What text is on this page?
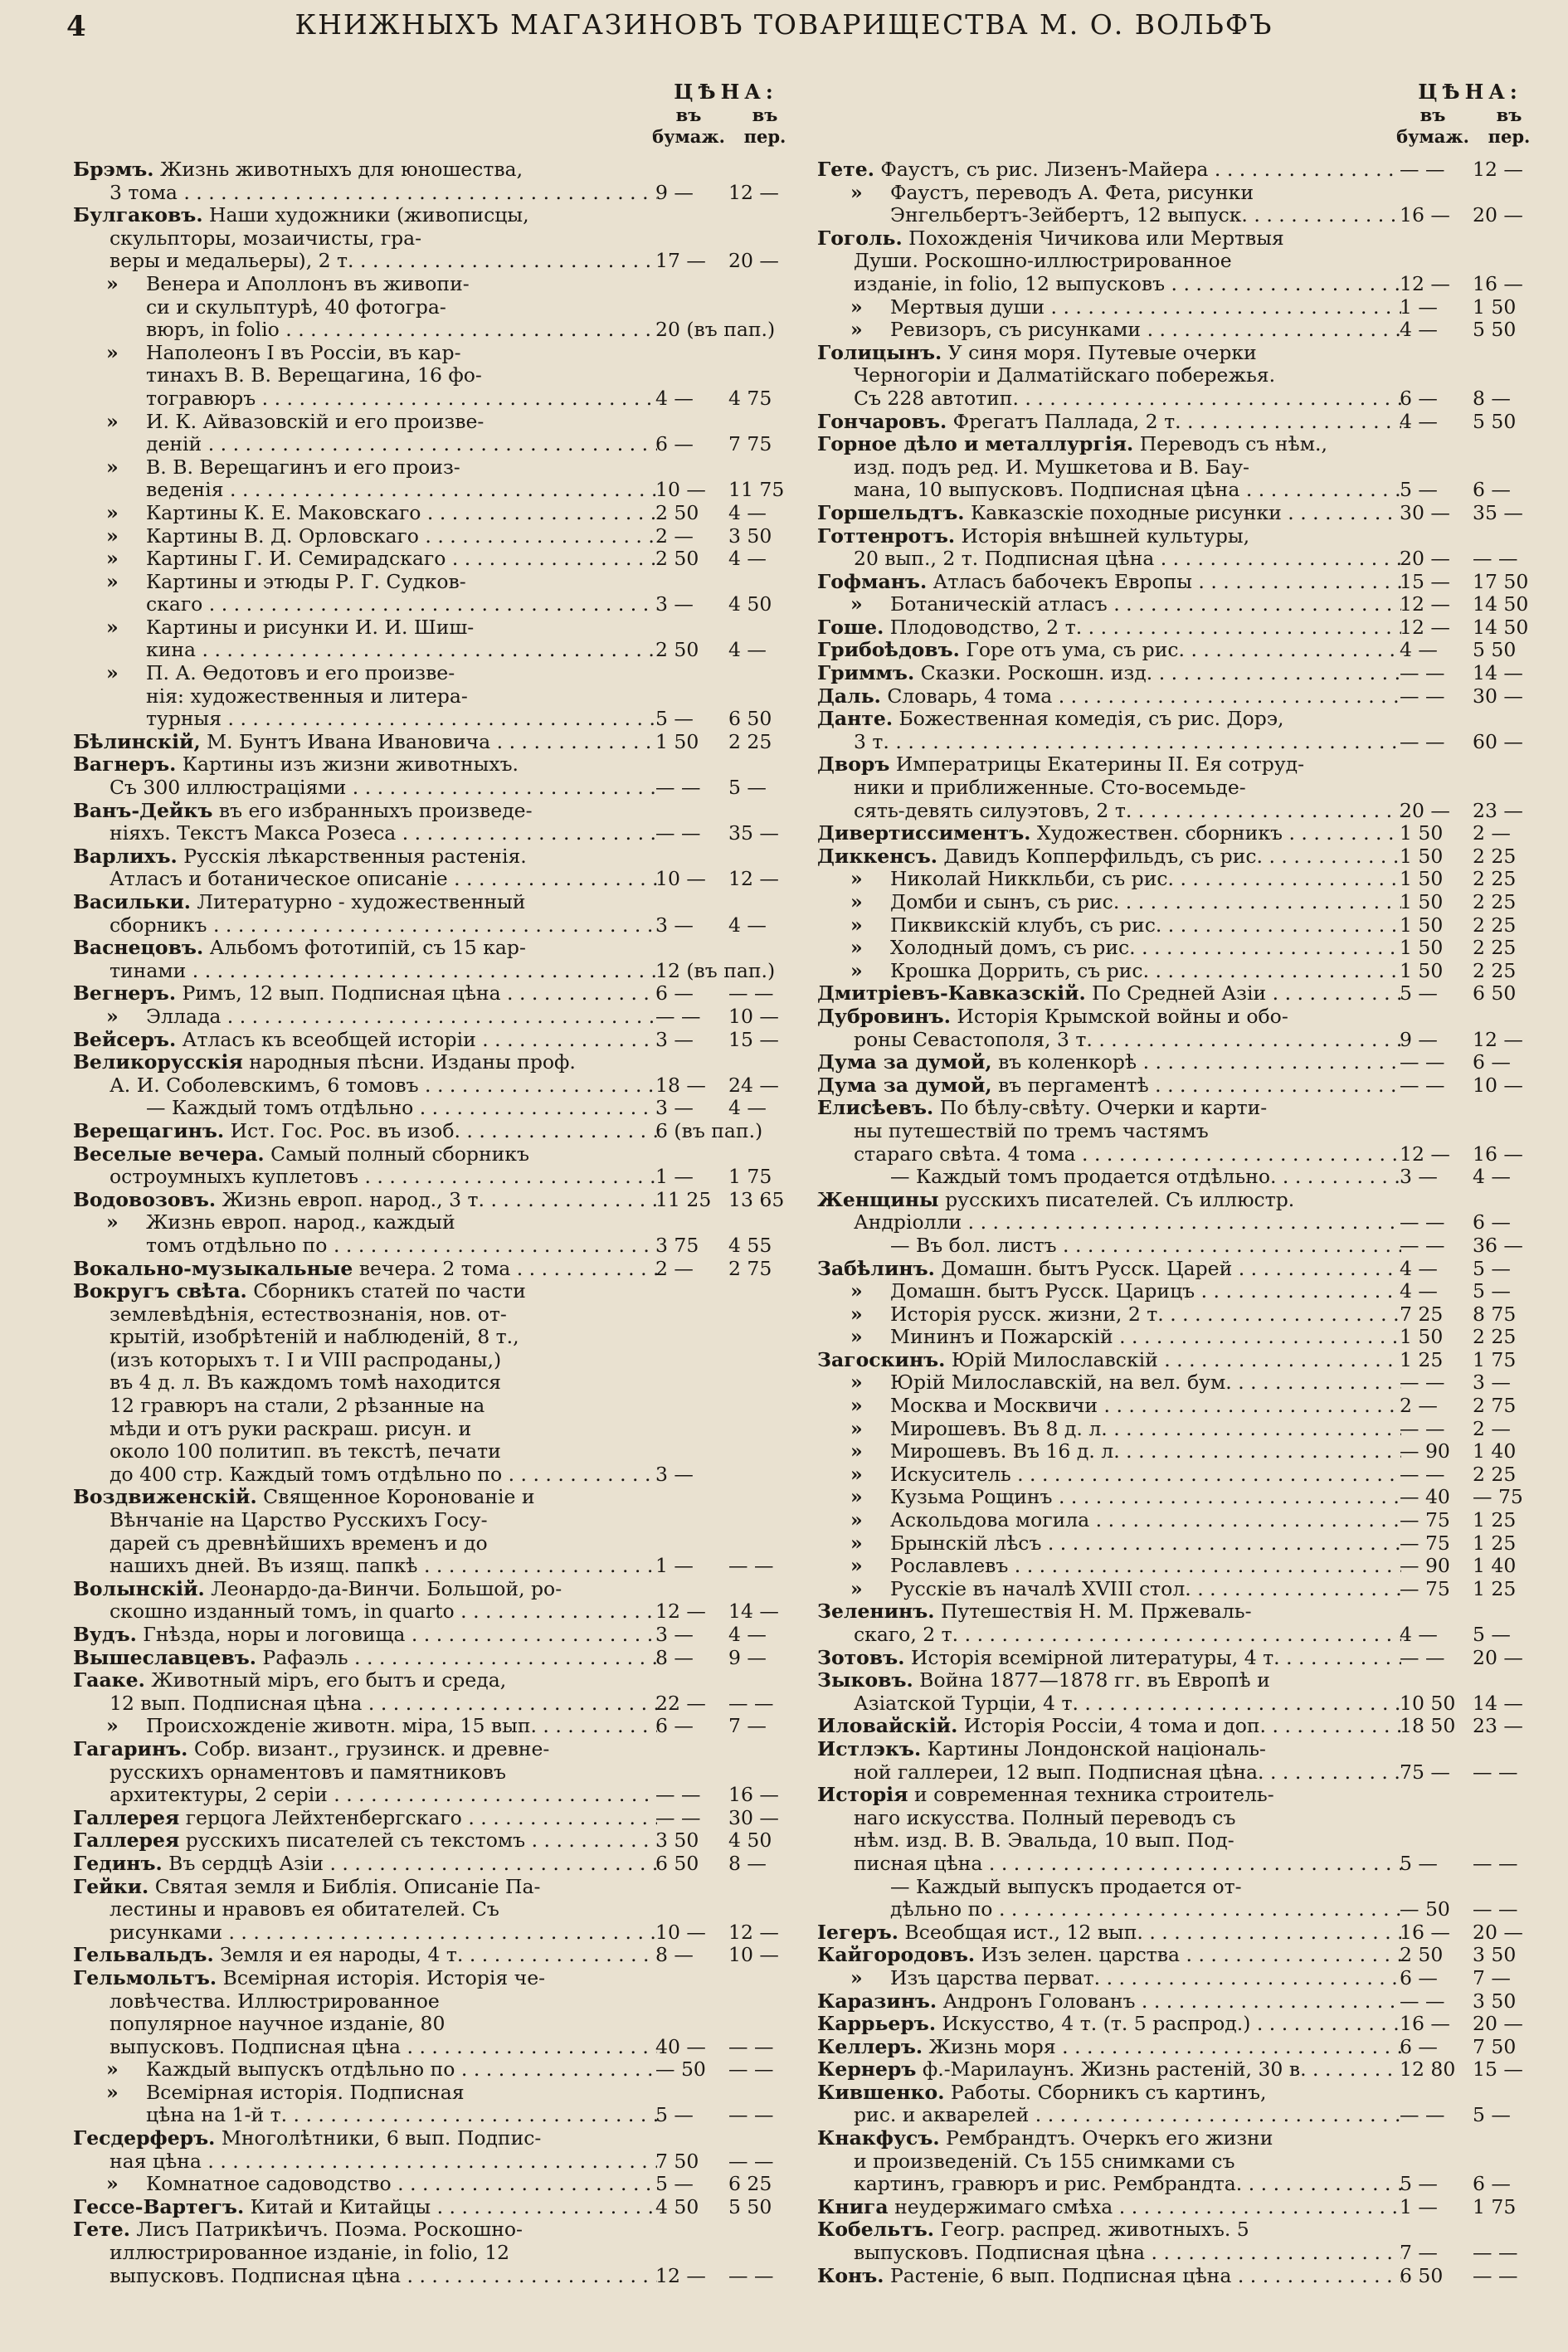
4	КНИЖНЫХЪ МАГАЗИНОВЪ ТОВАРИЩЕСТВА М. О. ВОЛЬФЪ
ЦѢНА:
въ бумаж.
въ пер.
Брэмъ. Жизнь животныхъ для юношества,
3 тома . . .	9 —	12 —
Булгаковъ. Наши художники (живописцы,
скульпторы, мозаичисты, гра-
веры и медальеры), 2 т. . . .	17 —	20 —
» Венера и Аполлонъ въ живопи-
си и скульптурѣ, 40 фотогра-
вюръ, in folio . . .	20 (въ пап.)
» Наполеонъ I въ Россіи, въ кар-
тинахъ В. В. Верещагина, 16 фо-
тогравюръ . . .	4 —	4 75
» И. К. Айвазовскій и его произве-
деній . . .	6 —	7 75
» В. В. Верещагинъ и его произ-
веденія . . .	10 —	11 75
» Картины К. Е. Маковскаго . . .	2 50	4 —
» Картины В. Д. Орловскаго . . .	2 —	3 50
» Картины Г. И. Семирадскаго . . .	2 50	4 —
» Картины и этюды Р. Г. Судков-
скаго . . .	3 —	4 50
» Картины и рисунки И. И. Шиш-
кина . . .	2 50	4 —
» П. А. Ѳедотовъ и его произве-
нія: художественныя и литера-
турныя . . .	5 —	6 50
Бѣлинскій, М. Бунтъ Ивана Ивановича . . .	1 50	2 25
Вагнеръ. Картины изъ жизни животныхъ.
Съ 300 иллюстраціями . . .	— —	5 —
Ванъ-Дейкъ въ его избранныхъ произведе-
ніяхъ. Текстъ Макса Розеса . . .	— —	35 —
Варлихъ. Русскія лѣкарственныя растенія.
Атласъ и ботаническое описаніе . . .	10 —	12 —
Васильки. Литературно - художественный
сборникъ . . .	3 —	4 —
Васнецовъ. Альбомъ фототипій, съ 15 кар-
тинами . . .	12 (въ пап.)
Вегнеръ. Римъ, 12 вып. Подписная цѣна . . .	6 —	— —
» Эллада . . .	— —	10 —
Вейсеръ. Атласъ къ всеобщей исторіи . . .	3 —	15 —
Великорусскія народныя пѣсни. Изданы проф.
А. И. Соболевскимъ, 6 томовъ . . .	18 —	24 —
— Каждый томъ отдѣльно . . .	3 —	4 —
Верещагинъ. Ист. Гос. Рос. въ изоб. . . .	6 (въ пап.)
Веселые вечера. Самый полный сборникъ
остроумныхъ куплетовъ . . .	1 —	1 75
Водовозовъ. Жизнь европ. народ., 3 т. . . .	11 25 13 65
» Жизнь европ. народ., каждый
томъ отдѣльно по . . .	3 75	4 55
Вокально-музыкальные вечера. 2 тома . . .	2 —	2 75
Вокругъ свѣта. Сборникъ статей по части
землевѣдѣнія, естествознанія, нов. от-
крытій, изобрѣтеній и наблюденій, 8 т.,
(изъ которыхъ т. I и VIII распроданы,)
въ 4 д. л. Въ каждомъ томѣ находится
12 гравюръ на стали, 2 рѣзанные на
мѣди и отъ руки раскраш. рисун. и
около 100 политип. въ текстѣ, печати
до 400 стр. Каждый томъ отдѣльно по . . .	3 —
Воздвиженскій. Священное Коронованіе и
Вѣнчаніе на Царство Русскихъ Госу-
дарей съ древнѣйшихъ временъ и до
нашихъ дней. Въ изящ. папкѣ . . .	1 —	— —
Волынскій. Леонардо-да-Винчи. Большой, ро-
скошно изданный томъ, in quarto . . .	12 —	14 —
Вудъ. Гнѣзда, норы и логовища . . .	3 —	4 —
Вышеславцевъ. Рафаэль . . .	8 —	9 —
Гааке. Животный міръ, его бытъ и среда,
12 вып. Подписная цѣна . . .	22 —	— —
» Происхожденіе животн. міра, 15 вып. . . .	6 —	7 —
Гагаринъ. Собр. визант., грузинск. и древне-
русскихъ орнаментовъ и памятниковъ
архитектуры, 2 серіи . . .	— —	16 —
Галлерея герцога Лейхтенбергскаго . . .	— —	30 —
Галлерея русскихъ писателей съ текстомъ . . .	3 50	4 50
Гединъ. Въ сердцѣ Азіи . . .	6 50	8 —
Гейки. Святая земля и Библія. Описаніе Па-
лестины и нравовъ ея обитателей. Съ
рисунками . . .	10 —	12 —
Гельвальдъ. Земля и ея народы, 4 т. . . .	8 —	10 —
Гельмольтъ. Всемірная исторія. Исторія че-
ловѣчества. Иллюстрированное
популярное научное изданіе, 80
выпусковъ. Подписная цѣна . . .	40 —	— —
» Каждый выпускъ отдѣльно по . . .	— 50	— —
» Всемірная исторія. Подписная
цѣна на 1-й т. . . .	5 —	— —
Гесдерферъ. Многолѣтники, 6 вып. Подпис-
ная цѣна . . .	7 50	— —
» Комнатное садоводство . . .	5 —	6 25
Гессе-Вартегъ. Китай и Китайцы . . .	4 50	5 50
Гете. Лисъ Патрикѣичъ. Поэма. Роскошно-
иллюстрированное изданіе, in folio, 12
выпусковъ. Подписная цѣна . . .	12 —	— —
ЦѢНА:
въ бумаж.
въ пер.
Гете. Фаустъ, съ рис. Лизенъ-Майера . . .	— —	12 —
» Фаустъ, переводъ А. Фета, рисунки
Энгельбертъ-Зейбертъ, 12 выпуск. . . .	16 —	20 —
Гоголь. Похожденія Чичикова или Мертвыя
Души. Роскошно-иллюстрированное
изданіе, in folio, 12 выпусковъ . . .	12 —	16 —
» Мертвыя души . . .	1 —	1 50
» Ревизоръ, съ рисунками . . .	4 —	5 50
Голицынъ. У синя моря. Путевые очерки
Черногоріи и Далматійскаго побережья.
Съ 228 автотип. . . .	6 —	8 —
Гончаровъ. Фрегатъ Паллада, 2 т. . . .	4 —	5 50
Горное дѣло и металлургія. Переводъ съ нѣм.,
изд. подъ ред. И. Мушкетова и В. Бау-
мана, 10 выпусковъ. Подписная цѣна . . .	5 —	6 —
Горшельдтъ. Кавказскіе походные рисунки . . .	30 —	35 —
Готтенротъ. Исторія внѣшней культуры,
20 вып., 2 т. Подписная цѣна . . .	20 —	— —
Гофманъ. Атласъ бабочекъ Европы . . .	15 —	17 50
» Ботаническій атласъ . . .	12 —	14 50
Гоше. Плодоводство, 2 т. . . .	12 —	14 50
Грибоѣдовъ. Горе отъ ума, съ рис. . . .	4 —	5 50
Гриммъ. Сказки. Роскошн. изд. . . .	— —	14 —
Даль. Словарь, 4 тома . . .	— —	30 —
Данте. Божественная комедія, съ рис. Дорэ,
3 т. . . .	— —	60 —
Дворъ Императрицы Екатерины II. Ея сотруд-
ники и приближенные. Сто-восемьде-
сять-девять силуэтовъ, 2 т. . . .	20 —	23 —
Дивертиссиментъ. Художествен. сборникъ . . .	1 50	2 —
Диккенсъ. Давидъ Копперфильдъ, съ рис. . . .	1 50	2 25
» Николай Никкльби, съ рис. . . .	1 50	2 25
» Домби и сынъ, съ рис. . . .	1 50	2 25
» Пиквикскій клубъ, съ рис. . . .	1 50	2 25
» Холодный домъ, съ рис. . . .	1 50	2 25
» Крошка Доррить, съ рис. . . .	1 50	2 25
Дмитріевъ-Кавказскій. По Средней Азіи . . .	5 —	6 50
Дубровинъ. Исторія Крымской войны и обо-
роны Севастополя, 3 т. . . .	9 —	12 —
Дума за думой, въ коленкорѣ . . .	— —	6 —
Дума за думой, въ пергаментѣ . . .	— —	10 —
Елисѣевъ. По бѣлу-свѣту. Очерки и карти-
ны путешествій по тремъ частямъ
стараго свѣта. 4 тома . . .	12 —	16 —
— Каждый томъ продается отдѣльно. . . .	3 —	4 —
Женщины русскихъ писателей. Съ иллюстр.
Андріолли . . .	— —	6 —
— Въ бол. листъ . . .	— —	36 —
Забѣлинъ. Домашн. бытъ Русск. Царей . . .	4 —	5 —
» Домашн. бытъ Русск. Царицъ . . .	4 —	5 —
» Исторія русск. жизни, 2 т. . . .	7 25	8 75
» Мининъ и Пожарскій . . .	1 50	2 25
Загоскинъ. Юрій Милославскій . . .	1 25	1 75
» Юрій Милославскій, на вел. бум. . . .	— —	3 —
» Москва и Москвичи . . .	2 —	2 75
» Мирошевъ. Въ 8 д. л. . . .	— —	2 —
» Мирошевъ. Въ 16 д. л. . . .	— 90	1 40
» Искуситель . . .	— —	2 25
» Кузьма Рощинъ . . .	— 40	— 75
» Аскольдова могила . . .	— 75	1 25
» Брынскій лѣсъ . . .	— 75	1 25
» Рославлевъ . . .	— 90	1 40
» Русскіе въ началѣ XVIII стол. . . .	— 75	1 25
Зеленинъ. Путешествія Н. М. Пржеваль-
скаго, 2 т. . . .	4 —	5 —
Зотовъ. Исторія всемірной литературы, 4 т. . . .	— —	20 —
Зыковъ. Война 1877—1878 гг. въ Европѣ и
Азіатской Турціи, 4 т. . . .	10 50 14 —
Иловайскій. Исторія Россіи, 4 тома и доп. . . .	18 50 23 —
Истлэкъ. Картины Лондонской національ-
ной галлереи, 12 вып. Подписная цѣна. . . .	75 —	— —
Исторія и современная техника строитель-
наго искусства. Полный переводъ съ
нѣм. изд. В. В. Эвальда, 10 вып. Под-
писная цѣна . . .	5 —	— —
— Каждый выпускъ продается от-
дѣльно по . . .	— 50	— —
Іегеръ. Всеобщая ист., 12 вып. . . .	16 —	20 —
Кайгородовъ. Изъ зелен. царства . . .	2 50	3 50
» Изъ царства перват. . . .	6 —	7 —
Каразинъ. Андронъ Голованъ . . .	— —	3 50
Каррьеръ. Искусство, 4 т. (т. 5 распрод.) . . .	16 —	20 —
Келлеръ. Жизнь моря . . .	6 —	7 50
Кернеръ ф.-Марилаунъ. Жизнь растеній, 30 в. . . .	12 80 15 —
Кившенко. Работы. Сборникъ съ картинъ,
рис. и акварелей . . .	— —	5 —
Кнакфусъ. Рембрандтъ. Очеркъ его жизни
и произведеній. Съ 155 снимками съ
картинъ, гравюръ и рис. Рембрандта. . . .	5 —	6 —
Книга неудержимаго смѣха . . .	1 —	1 75
Кобельтъ. Геогр. распред. животныхъ. 5
выпусковъ. Подписная цѣна . . .	7 —	— —
Конъ. Растеніе, 6 вып. Подписная цѣна . . .	6 50	— —
